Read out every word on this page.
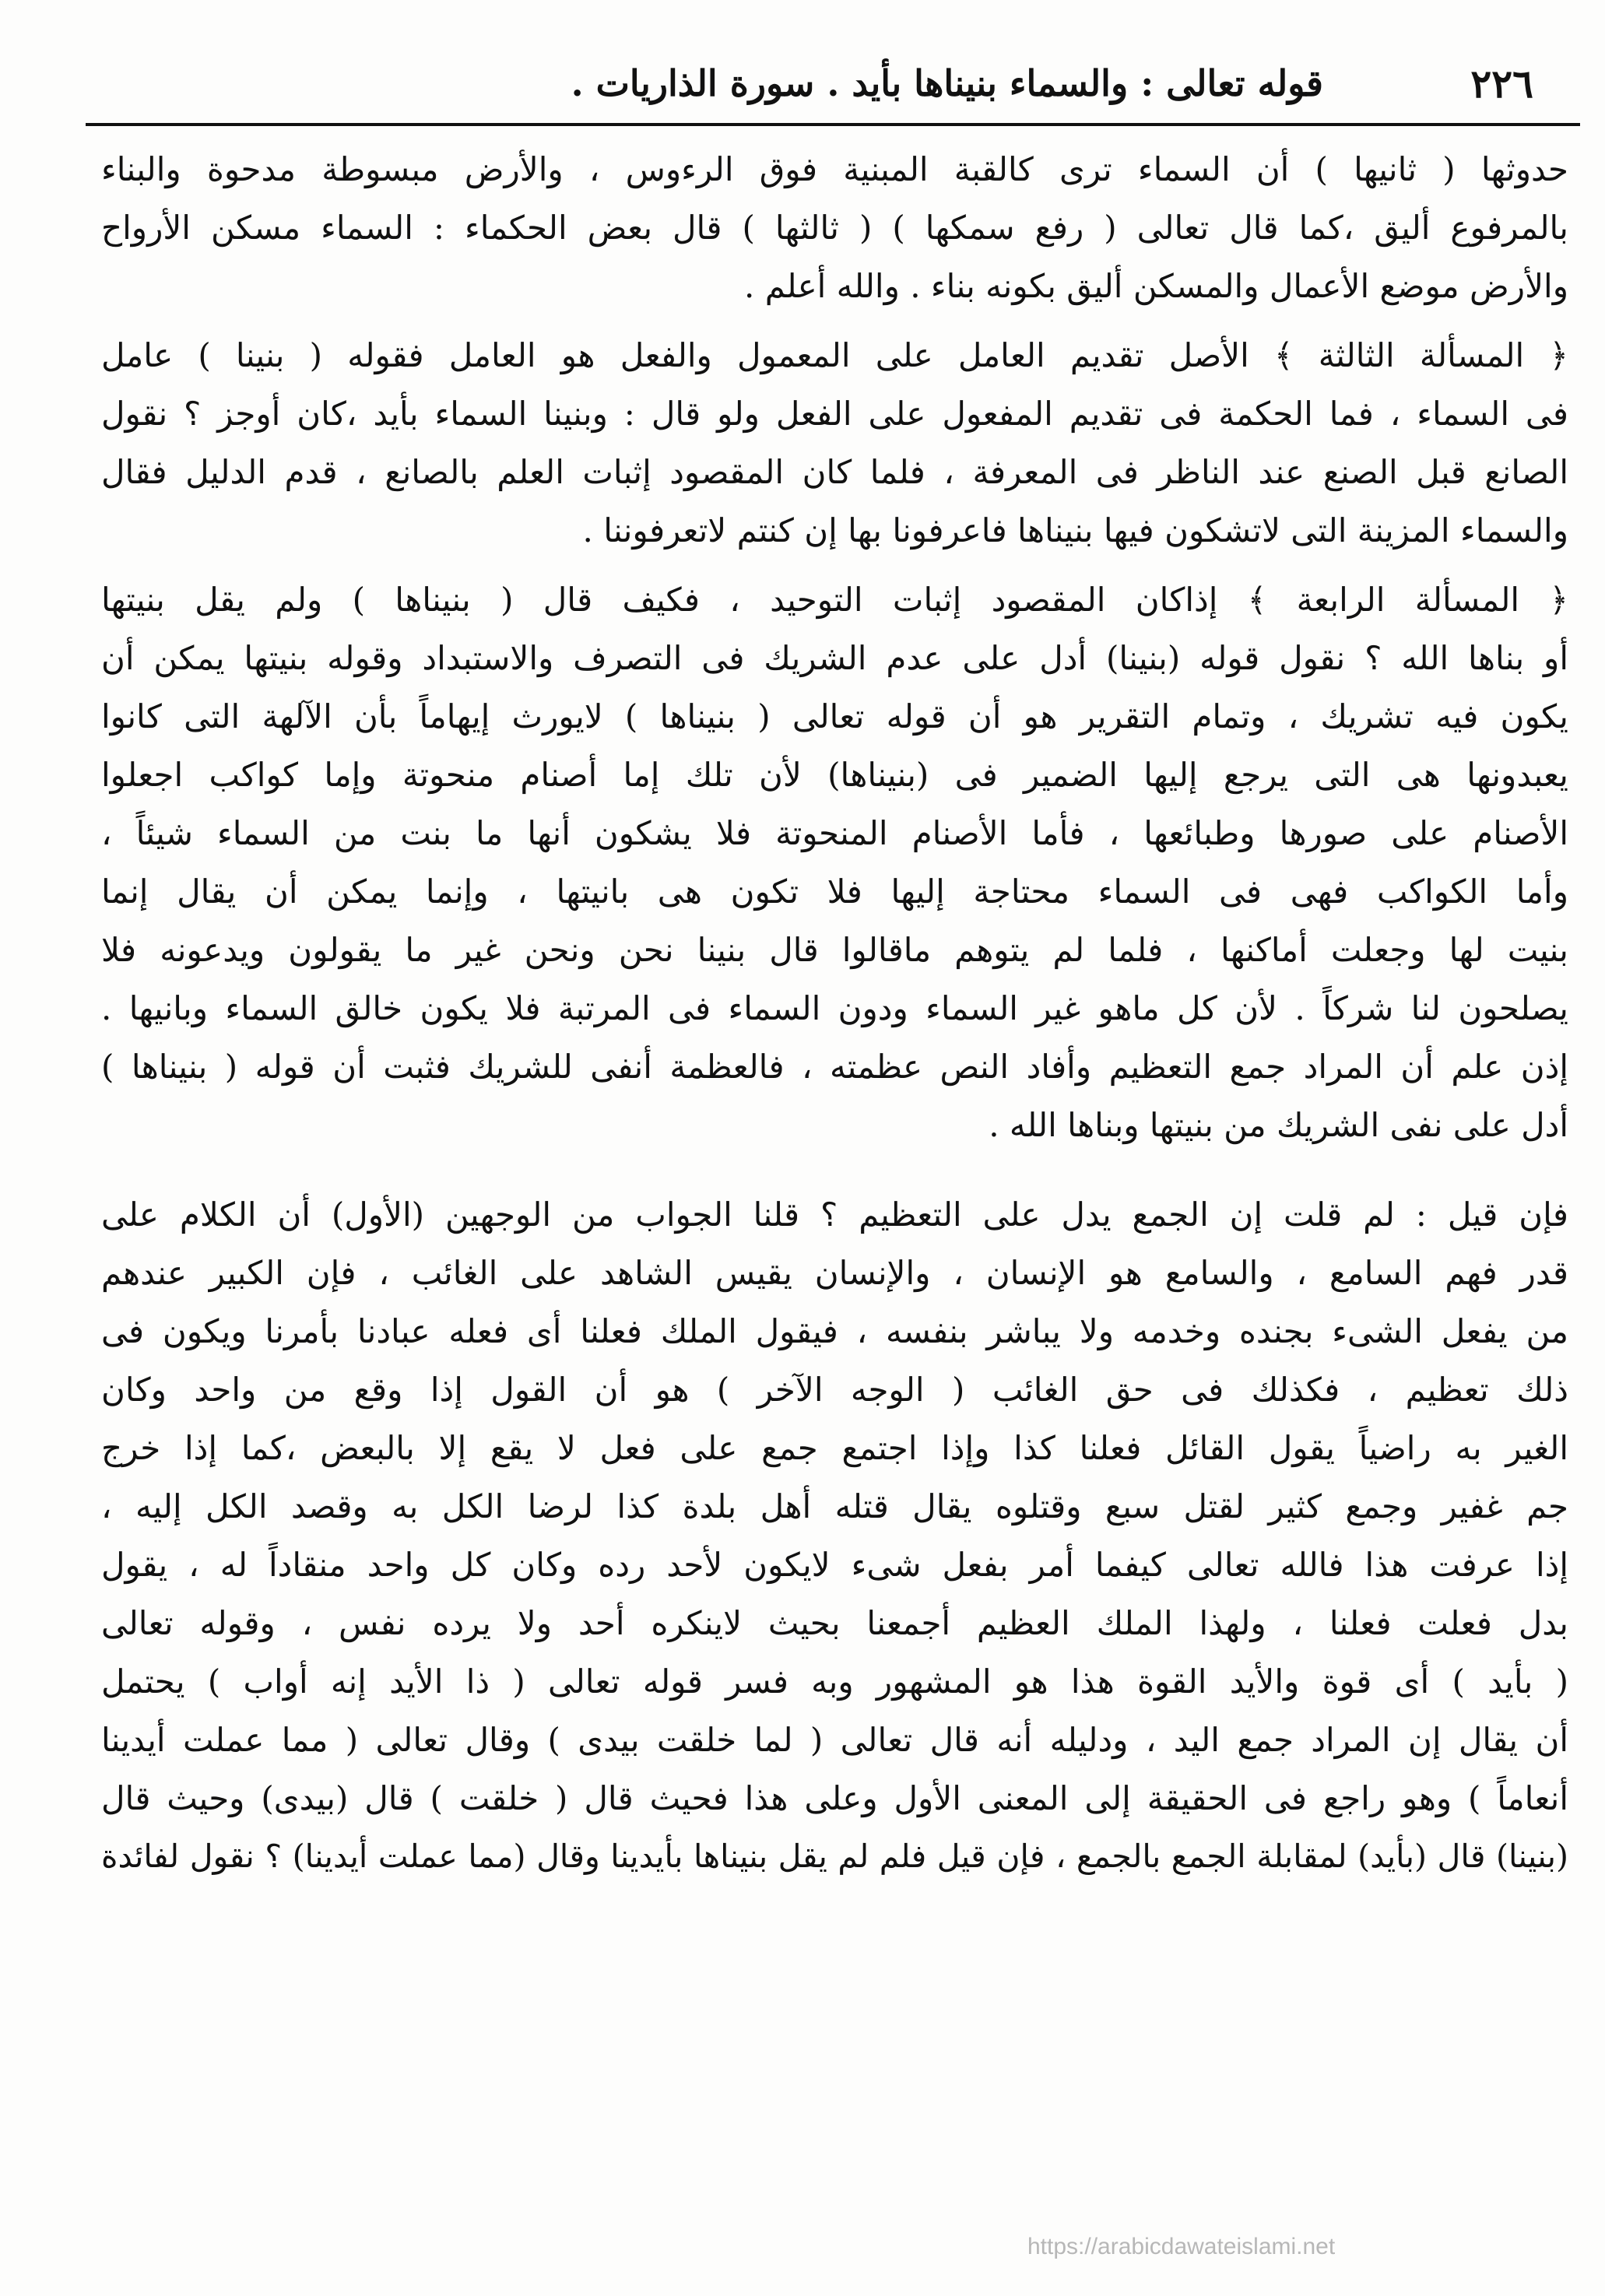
٢٢٦
قوله تعالى : والسماء بنيناها بأيد . سورة الذاريات .
حدوثها ( ثانيها ) أن السماء ترى كالقبة المبنية فوق الرءوس ، والأرض مبسوطة مدحوة والبناء
بالمرفوع أليق ،كما قال تعالى ( رفع سمكها ) ( ثالثها ) قال بعض الحكماء : السماء مسكن الأرواح
والأرض موضع الأعمال والمسكن أليق بكونه بناء . والله أعلم .
﴿ المسألة الثالثة ﴾ الأصل تقديم العامل على المعمول والفعل هو العامل فقوله ( بنينا ) عامل
فى السماء ، فما الحكمة فى تقديم المفعول على الفعل ولو قال : وبنينا السماء بأيد ،كان أوجز ؟ نقول
الصانع قبل الصنع عند الناظر فى المعرفة ، فلما كان المقصود إثبات العلم بالصانع ، قدم الدليل فقال
والسماء المزينة التى لاتشكون فيها بنيناها فاعرفونا بها إن كنتم لاتعرفوننا .
﴿ المسألة الرابعة ﴾ إذاكان المقصود إثبات التوحيد ، فكيف قال ( بنيناها ) ولم يقل بنيتها
أو بناها الله ؟ نقول قوله (بنينا) أدل على عدم الشريك فى التصرف والاستبداد وقوله بنيتها يمكن أن
يكون فيه تشريك ، وتمام التقرير هو أن قوله تعالى ( بنيناها ) لايورث إيهاماً بأن الآلهة التى كانوا
يعبدونها هى التى يرجع إليها الضمير فى (بنيناها) لأن تلك إما أصنام منحوتة وإما كواكب اجعلوا
الأصنام على صورها وطبائعها ، فأما الأصنام المنحوتة فلا يشكون أنها ما بنت من السماء شيئاً ،
وأما الكواكب فهى فى السماء محتاجة إليها فلا تكون هى بانيتها ، وإنما يمكن أن يقال إنما
بنيت لها وجعلت أماكنها ، فلما لم يتوهم ماقالوا قال بنينا نحن ونحن غير ما يقولون ويدعونه فلا
يصلحون لنا شركاً . لأن كل ماهو غير السماء ودون السماء فى المرتبة فلا يكون خالق السماء وبانيها .
إذن علم أن المراد جمع التعظيم وأفاد النص عظمته ، فالعظمة أنفى للشريك فثبت أن قوله ( بنيناها )
أدل على نفى الشريك من بنيتها وبناها الله .
فإن قيل : لم قلت إن الجمع يدل على التعظيم ؟ قلنا الجواب من الوجهين (الأول) أن الكلام على
قدر فهم السامع ، والسامع هو الإنسان ، والإنسان يقيس الشاهد على الغائب ، فإن الكبير عندهم
من يفعل الشىء بجنده وخدمه ولا يباشر بنفسه ، فيقول الملك فعلنا أى فعله عبادنا بأمرنا ويكون فى
ذلك تعظيم ، فكذلك فى حق الغائب ( الوجه الآخر ) هو أن القول إذا وقع من واحد وكان
الغير به راضياً يقول القائل فعلنا كذا وإذا اجتمع جمع على فعل لا يقع إلا بالبعض ،كما إذا خرج
جم غفير وجمع كثير لقتل سبع وقتلوه يقال قتله أهل بلدة كذا لرضا الكل به وقصد الكل إليه ،
إذا عرفت هذا فالله تعالى كيفما أمر بفعل شىء لايكون لأحد رده وكان كل واحد منقاداً له ، يقول
بدل فعلت فعلنا ، ولهذا الملك العظيم أجمعنا بحيث لاينكره أحد ولا يرده نفس ، وقوله تعالى
( بأيد ) أى قوة والأيد القوة هذا هو المشهور وبه فسر قوله تعالى ( ذا الأيد إنه أواب ) يحتمل
أن يقال إن المراد جمع اليد ، ودليله أنه قال تعالى ( لما خلقت بيدى ) وقال تعالى ( مما عملت أيدينا
أنعاماً ) وهو راجع فى الحقيقة إلى المعنى الأول وعلى هذا فحيث قال ( خلقت ) قال (بيدى) وحيث قال
(بنينا) قال (بأيد) لمقابلة الجمع بالجمع ، فإن قيل فلم لم يقل بنيناها بأيدينا وقال (مما عملت أيدينا) ؟ نقول لفائدة
https://arabicdawateislami.net
